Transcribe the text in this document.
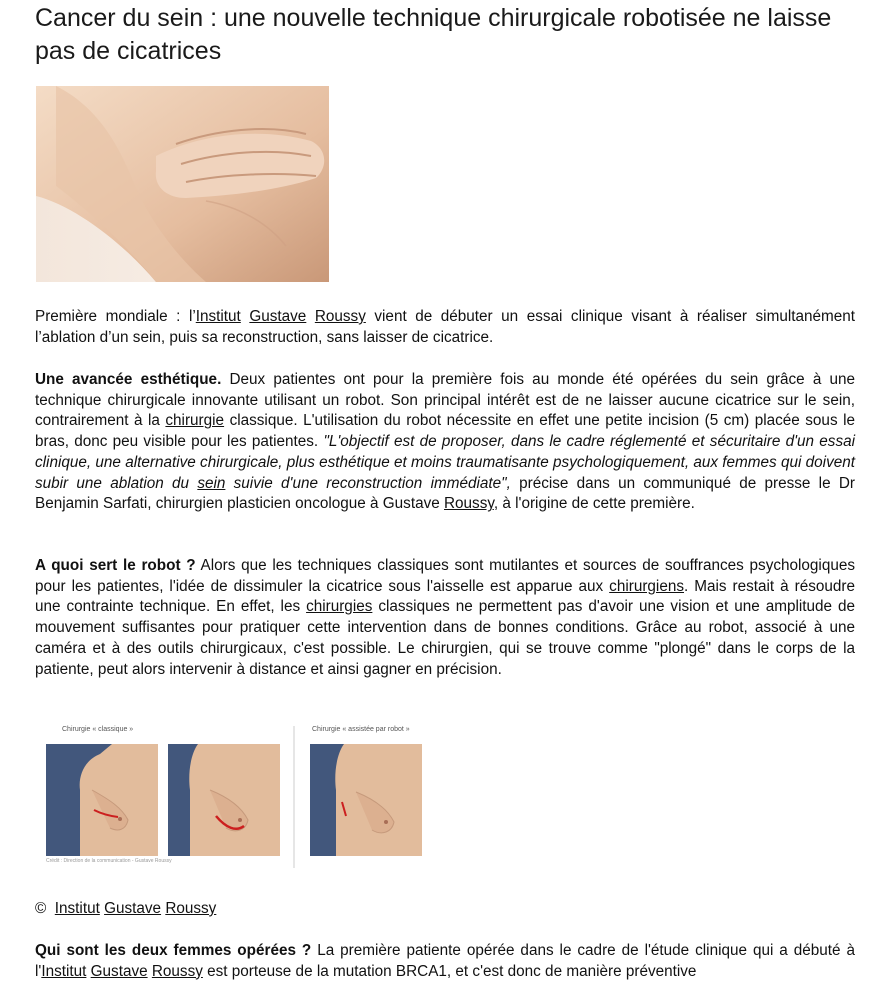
Cancer du sein : une nouvelle technique chirurgicale robotisée ne laisse pas de cicatrices

Première mondiale : l’Institut Gustave Roussy vient de débuter un essai clinique visant à réaliser simultanément l’ablation d’un sein, puis sa reconstruction, sans laisser de cicatrice.

Une avancée esthétique. Deux patientes ont pour la première fois au monde été opérées du sein grâce à une technique chirurgicale innovante utilisant un robot. Son principal intérêt est de ne laisser aucune cicatrice sur le sein, contrairement à la chirurgie classique. L'utilisation du robot nécessite en effet une petite incision (5 cm) placée sous le bras, donc peu visible pour les patientes. "L'objectif est de proposer, dans le cadre réglementé et sécuritaire d'un essai clinique, une alternative chirurgicale, plus esthétique et moins traumatisante psychologiquement, aux femmes qui doivent subir une ablation du sein suivie d'une reconstruction immédiate", précise dans un communiqué de presse le Dr Benjamin Sarfati, chirurgien plasticien oncologue à Gustave Roussy, à l'origine de cette première.

A quoi sert le robot ? Alors que les techniques classiques sont mutilantes et sources de souffrances psychologiques pour les patientes, l'idée de dissimuler la cicatrice sous l'aisselle est apparue aux chirurgiens. Mais restait à résoudre une contrainte technique. En effet, les chirurgies classiques ne permettent pas d'avoir une vision et une amplitude de mouvement suffisantes pour pratiquer cette intervention dans de bonnes conditions. Grâce au robot, associé à une caméra et à des outils chirurgicaux, c'est possible. Le chirurgien, qui se trouve comme "plongé" dans le corps de la patiente, peut alors intervenir à distance et ainsi gagner en précision.

Chirurgie « classique »	Chirurgie « assistée par robot »
Crédit : Direction de la communication - Gustave Roussy
© Institut Gustave Roussy

Qui sont les deux femmes opérées ? La première patiente opérée dans le cadre de l'étude clinique qui a débuté à l'Institut Gustave Roussy est porteuse de la mutation BRCA1, et c'est donc de manière préventive
